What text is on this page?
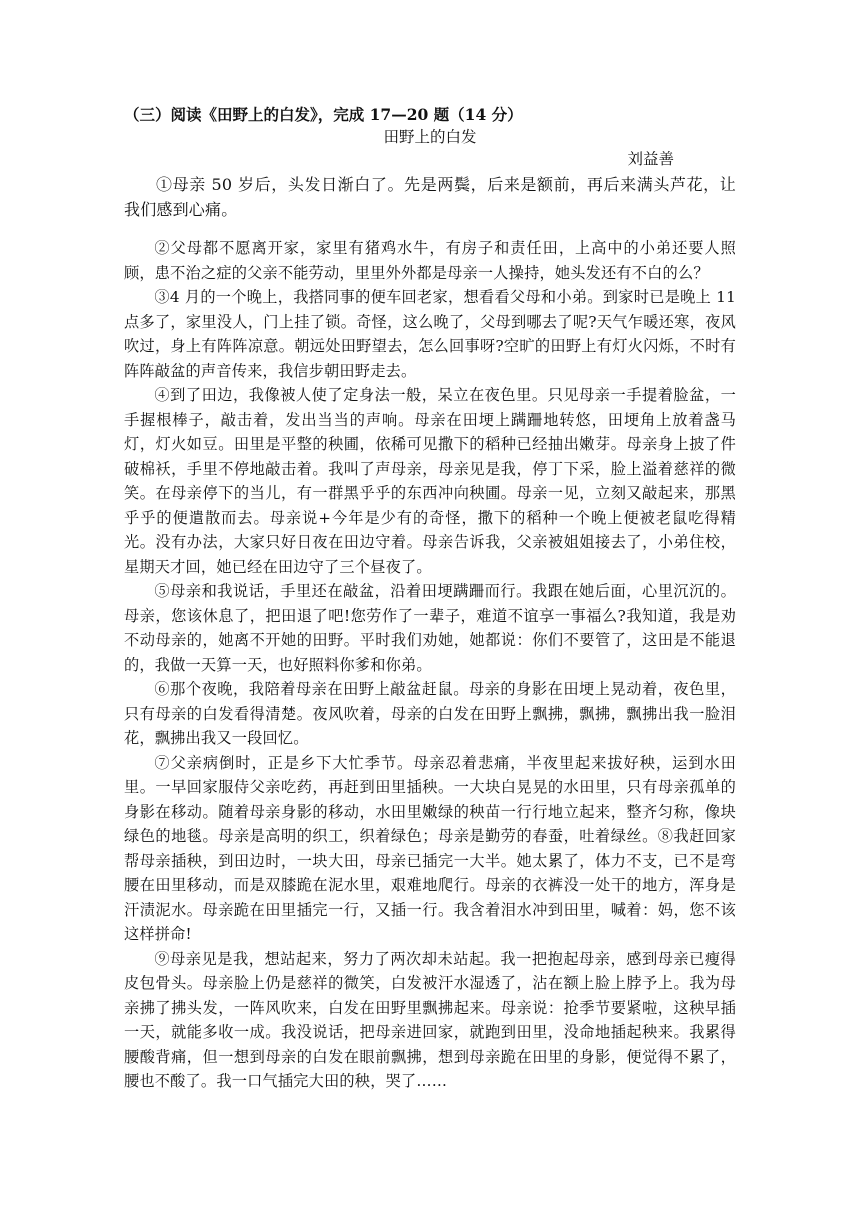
（三）阅读《田野上的白发》，完成 17—20 题（14 分）

田野上的白发

刘益善

①母亲 50 岁后，头发日渐白了。先是两鬓，后来是额前，再后来满头芦花，让我们感到心痛。

②父母都不愿离开家，家里有猪鸡水牛，有房子和责任田，上高中的小弟还要人照顾，患不治之症的父亲不能劳动，里里外外都是母亲一人操持，她头发还有不白的么？

③4 月的一个晚上，我搭同事的便车回老家，想看看父母和小弟。到家时已是晚上 11 点多了，家里没人，门上挂了锁。奇怪，这么晚了，父母到哪去了呢?天气乍暖还寒，夜风吹过，身上有阵阵凉意。朝远处田野望去，怎么回事呀?空旷的田野上有灯火闪烁，不时有阵阵敲盆的声音传来，我信步朝田野走去。

④到了田边，我像被人使了定身法一般，呆立在夜色里。只见母亲一手提着脸盆，一手握根棒子，敲击着，发出当当的声响。母亲在田埂上蹒跚地转悠，田埂角上放着盏马灯，灯火如豆。田里是平整的秧圃，依稀可见撒下的稻种已经抽出嫩芽。母亲身上披了件破棉袄，手里不停地敲击着。我叫了声母亲，母亲见是我，停丁下采，脸上溢着慈祥的微笑。在母亲停下的当儿，有一群黑乎乎的东西冲向秧圃。母亲一见，立刻又敲起来，那黑乎乎的便遣散而去。母亲说+今年是少有的奇怪，撒下的稻种一个晚上便被老鼠吃得精光。没有办法，大家只好日夜在田边守着。母亲告诉我，父亲被姐姐接去了，小弟住校，星期天才回，她已经在田边守了三个昼夜了。

⑤母亲和我说话，手里还在敲盆，沿着田埂蹒跚而行。我跟在她后面，心里沉沉的。母亲，您该休息了，把田退了吧!您劳作了一辈子，难道不谊享一事福么?我知道，我是劝不动母亲的，她离不开她的田野。平时我们劝她，她都说：你们不要管了，这田是不能退的，我做一天算一天，也好照料你爹和你弟。

⑥那个夜晚，我陪着母亲在田野上敲盆赶鼠。母亲的身影在田埂上晃动着，夜色里，只有母亲的白发看得清楚。夜风吹着，母亲的白发在田野上飘拂，飘拂，飘拂出我一脸泪花，飘拂出我又一段回忆。

⑦父亲病倒时，正是乡下大忙季节。母亲忍着悲痛，半夜里起来拔好秧，运到水田里。一早回家服侍父亲吃药，再赶到田里插秧。一大块白晃晃的水田里，只有母亲孤单的身影在移动。随着母亲身影的移动，水田里嫩绿的秧苗一行行地立起来，整齐匀称，像块绿色的地毯。母亲是高明的织工，织着绿色；母亲是勤劳的春蚕，吐着绿丝。⑧我赶回家帮母亲插秧，到田边时，一块大田，母亲已插完一大半。她太累了，体力不支，已不是弯腰在田里移动，而是双膝跪在泥水里，艰难地爬行。母亲的衣裤没一处干的地方，浑身是汗渍泥水。母亲跪在田里插完一行，又插一行。我含着泪水冲到田里，喊着：妈，您不该这样拼命!

⑨母亲见是我，想站起来，努力了两次却未站起。我一把抱起母亲，感到母亲已瘦得皮包骨头。母亲脸上仍是慈祥的微笑，白发被汗水湿透了，沾在额上脸上脖予上。我为母亲拂了拂头发，一阵风吹来，白发在田野里飘拂起来。母亲说：抢季节要紧啦，这秧早插一天，就能多收一成。我没说话，把母亲进回家，就跑到田里，没命地插起秧来。我累得腰酸背痛，但一想到母亲的白发在眼前飘拂，想到母亲跪在田里的身影，便觉得不累了，腰也不酸了。我一口气插完大田的秧，哭了……
